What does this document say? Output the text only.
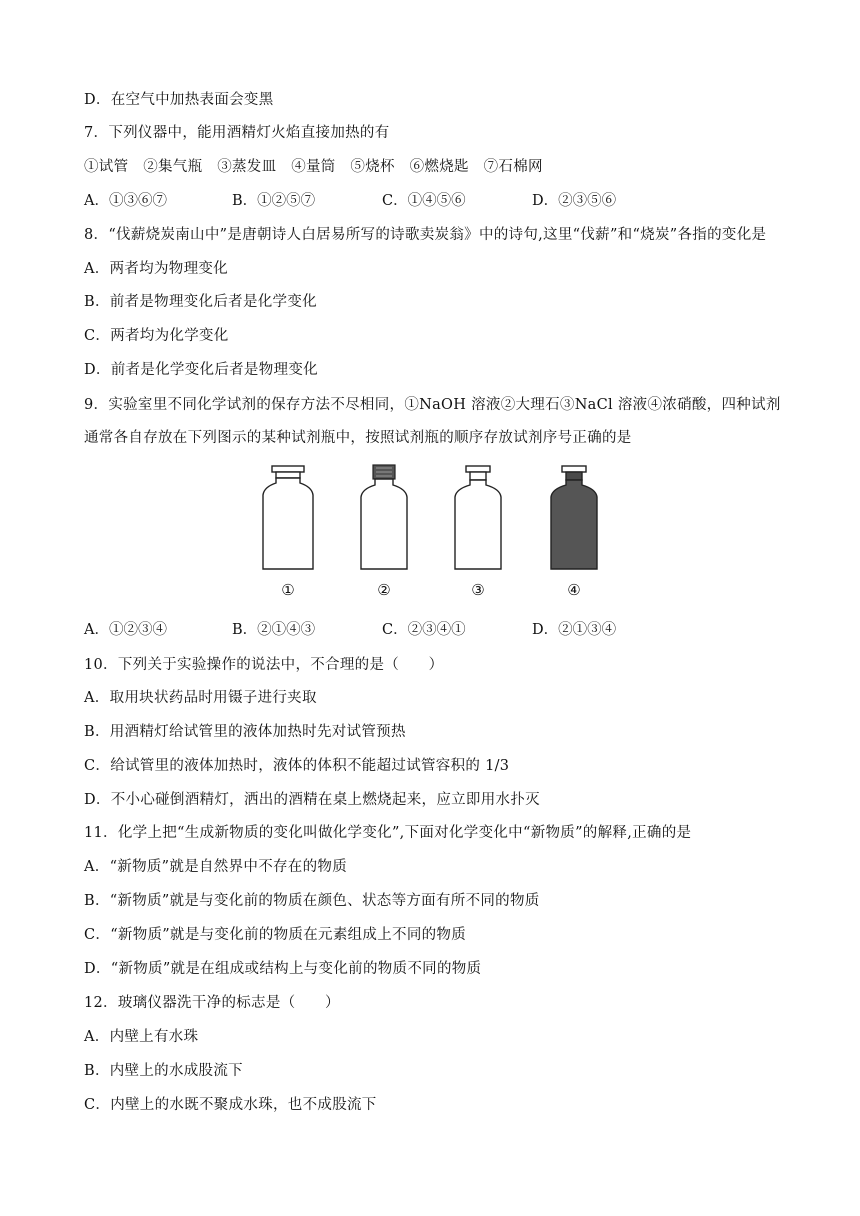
D．在空气中加热表面会变黑
7．下列仪器中，能用酒精灯火焰直接加热的有
①试管　②集气瓶　③蒸发皿　④量筒　⑤烧杯　⑥燃烧匙　⑦石棉网
A．①③⑥⑦	B．①②⑤⑦	C．①④⑤⑥	D．②③⑤⑥
8．“伐薪烧炭南山中”是唐朝诗人白居易所写的诗歌卖炭翁》中的诗句,这里“伐薪”和“烧炭”各指的变化是
A．两者均为物理变化
B．前者是物理变化后者是化学变化
C．两者均为化学变化
D．前者是化学变化后者是物理变化
9．实验室里不同化学试剂的保存方法不尽相同，①NaOH 溶液②大理石③NaCl 溶液④浓硝酸，四种试剂
通常各自存放在下列图示的某种试剂瓶中，按照试剂瓶的顺序存放试剂序号正确的是
①	②	③	④
A．①②③④	B．②①④③	C．②③④①	D．②①③④
10．下列关于实验操作的说法中，不合理的是（　　）
A．取用块状药品时用镊子进行夹取
B．用酒精灯给试管里的液体加热时先对试管预热
C．给试管里的液体加热时，液体的体积不能超过试管容积的 1/3
D．不小心碰倒酒精灯，洒出的酒精在桌上燃烧起来，应立即用水扑灭
11．化学上把“生成新物质的变化叫做化学变化”,下面对化学变化中“新物质”的解释,正确的是
A．“新物质”就是自然界中不存在的物质
B．“新物质”就是与变化前的物质在颜色、状态等方面有所不同的物质
C．“新物质”就是与变化前的物质在元素组成上不同的物质
D．“新物质”就是在组成或结构上与变化前的物质不同的物质
12．玻璃仪器洗干净的标志是（　　）
A．内壁上有水珠
B．内壁上的水成股流下
C．内壁上的水既不聚成水珠，也不成股流下
